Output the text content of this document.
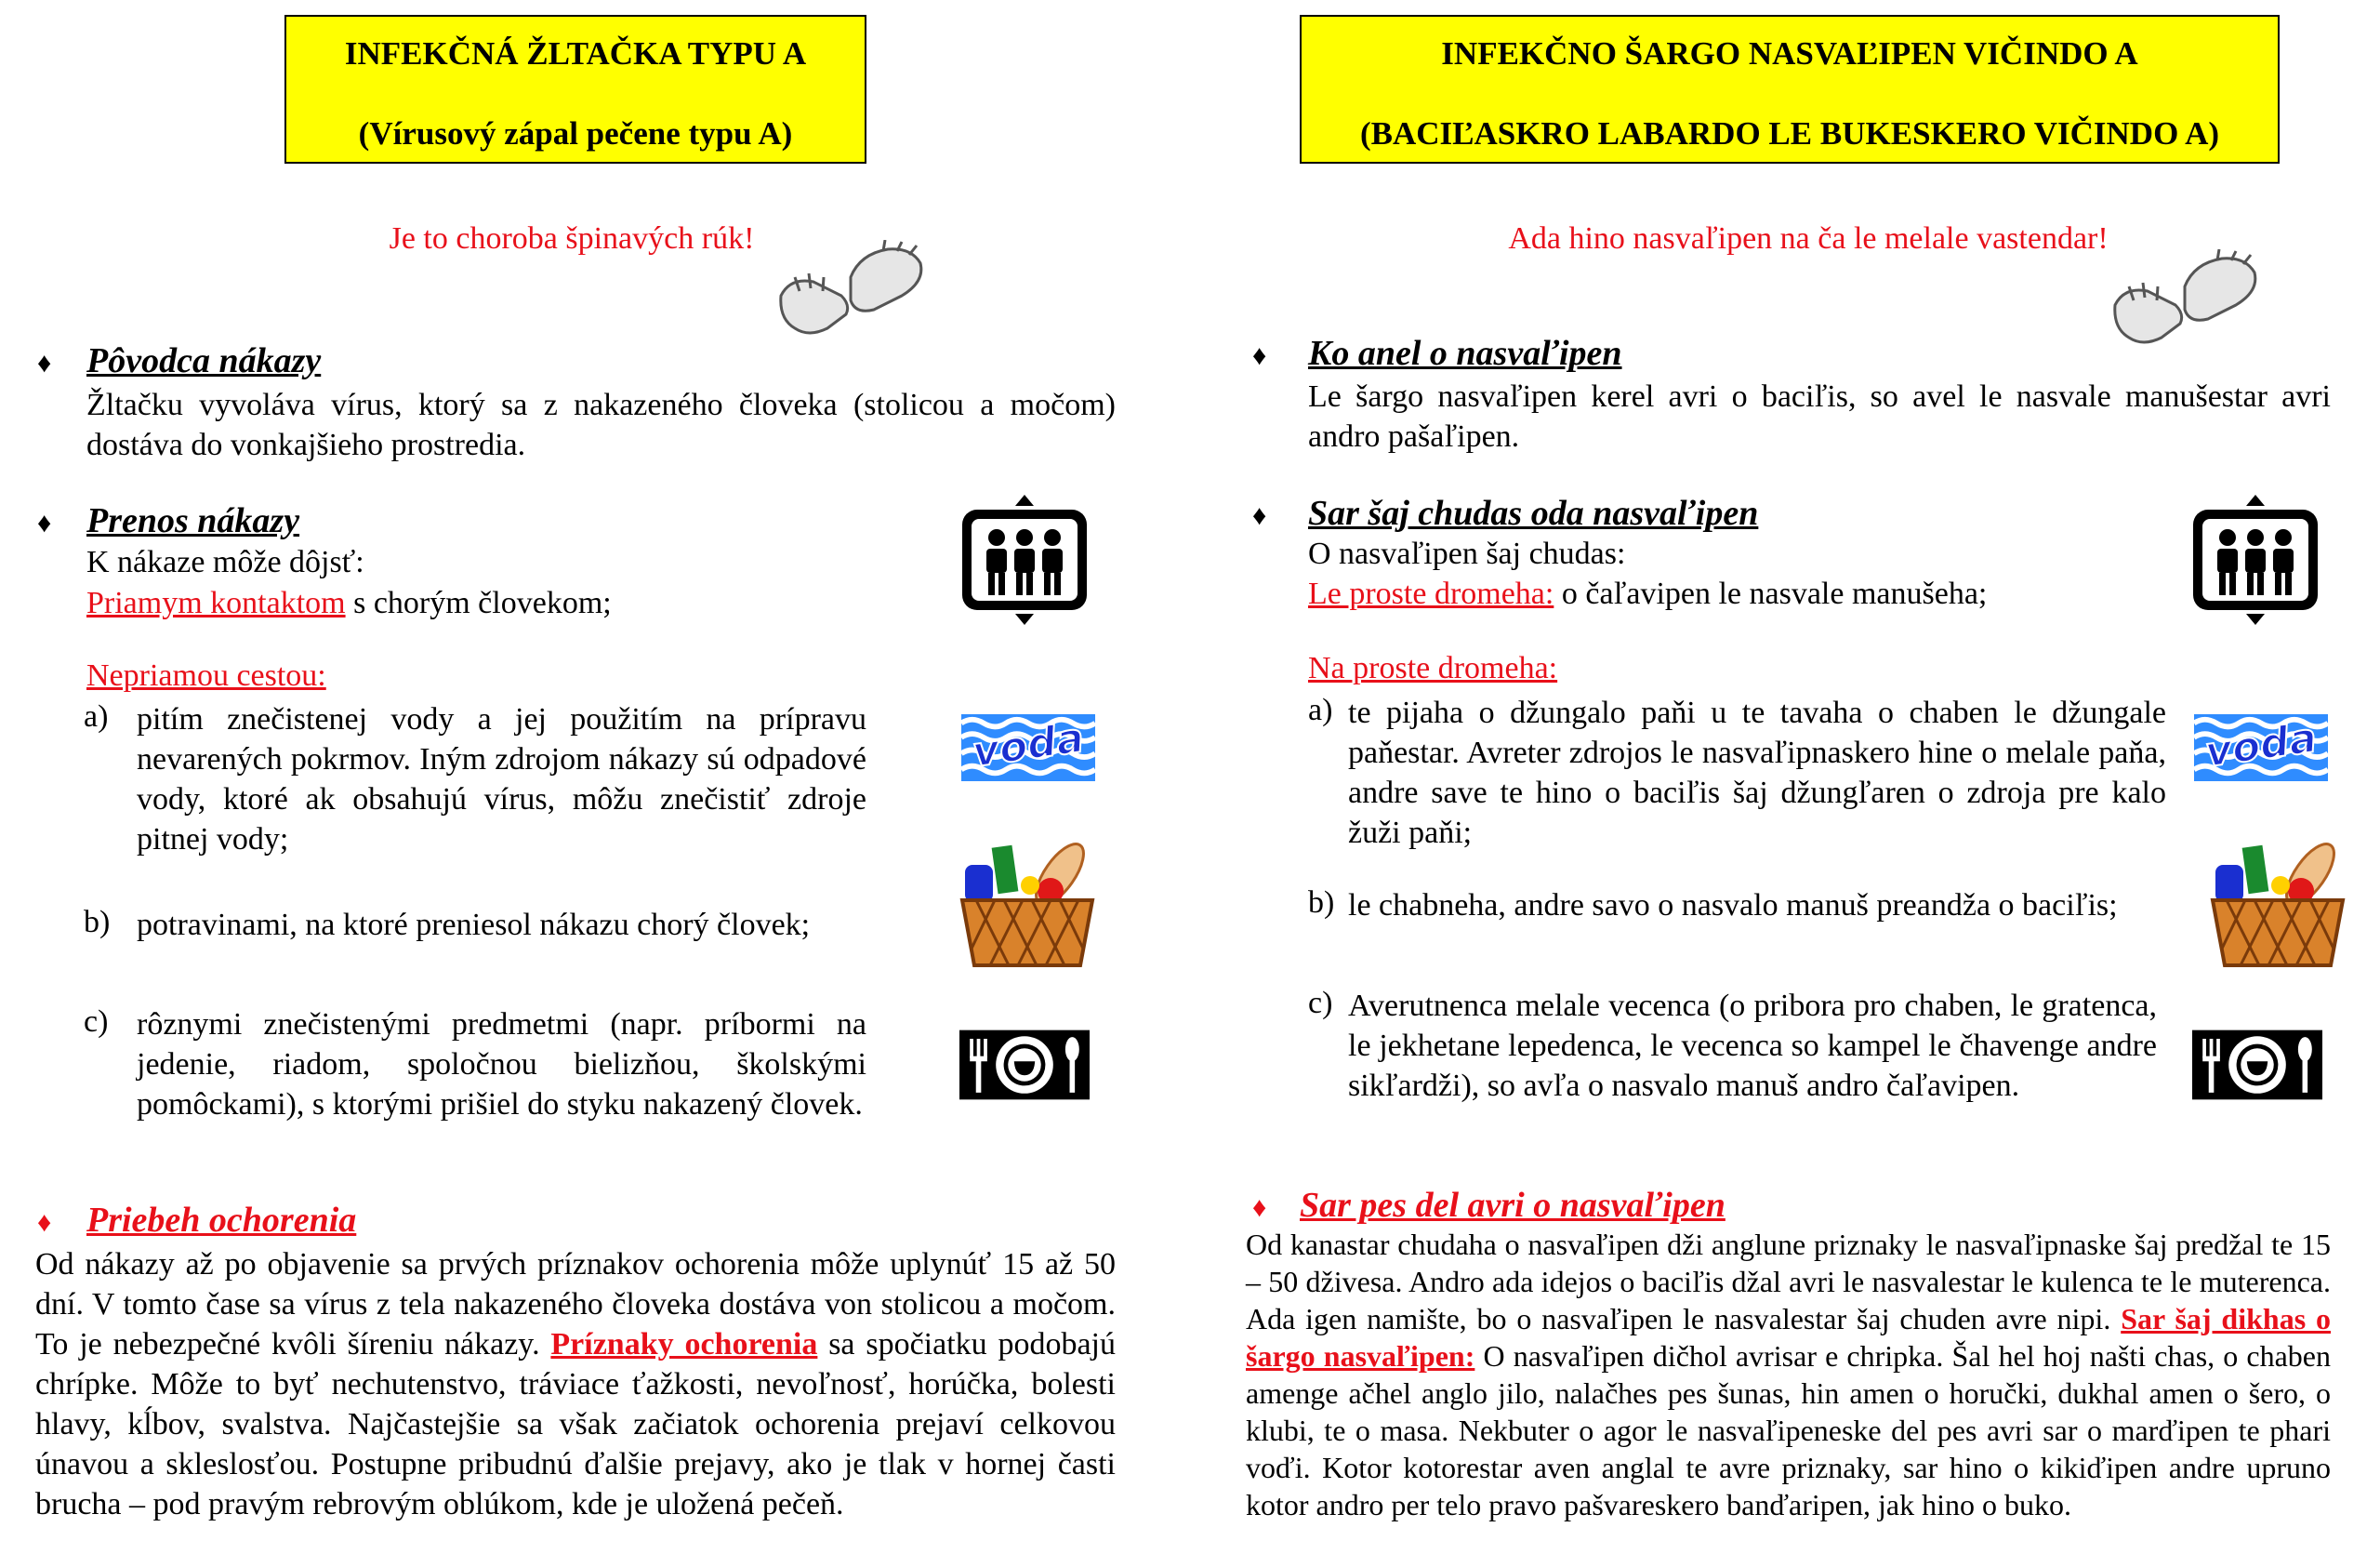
INFEKČNÁ ŽLTAČKA TYPU A
(Vírusový zápal pečene typu A)
Je to choroba špinavých rúk!
♦ Pôvodca nákazy
Žltačku vyvoláva vírus, ktorý sa z nakazeného človeka (stolicou a močom) dostáva do vonkajšieho prostredia.
♦ Prenos nákazy
K nákaze môže dôjsť:
Priamym kontaktom s chorým človekom;
Nepriamou cestou:
a) pitím znečistenej vody a jej použitím na prípravu nevarených pokrmov. Iným zdrojom nákazy sú odpadové vody, ktoré ak obsahujú vírus, môžu znečistiť zdroje pitnej vody;
voda
b) potravinami, na ktoré preniesol nákazu chorý človek;
c) rôznymi znečistenými predmetmi (napr. príbormi na jedenie, riadom, spoločnou bielizňou, školskými pomôckami), s ktorými prišiel do styku nakazený človek.
♦ Priebeh ochorenia
Od nákazy až po objavenie sa prvých príznakov ochorenia môže uplynúť 15 až 50 dní. V tomto čase sa vírus z tela nakazeného človeka dostáva von stolicou a močom. To je nebezpečné kvôli šíreniu nákazy. Príznaky ochorenia sa spočiatku podobajú chrípke. Môže to byť nechutenstvo, tráviace ťažkosti, nevoľnosť, horúčka, bolesti hlavy, kĺbov, svalstva. Najčastejšie sa však začiatok ochorenia prejaví celkovou únavou a skleslosťou. Postupne pribudnú ďalšie prejavy, ako je tlak v hornej časti brucha – pod pravým rebrovým oblúkom, kde je uložená pečeň.
INFEKČNO ŠARGO NASVAĽIPEN VIČINDO A
(BACIĽASKRO LABARDO LE BUKESKERO VIČINDO A)
Ada hino nasvaľipen na ča le melale vastendar!
♦ Ko anel o nasvaľipen
Le šargo nasvaľipen kerel avri o baciľis, so avel le nasvale manušestar avri andro pašaľipen.
♦ Sar šaj chudas oda nasvaľipen
O nasvaľipen šaj chudas:
Le proste dromeha: o čaľavipen le nasvale manušeha;
Na proste dromeha:
a) te pijaha o džungalo paňi u te tavaha o chaben le džungale paňestar. Avreter zdrojos le nasvaľipnaskero hine o melale paňa, andre save te hino o baciľis šaj džungľaren o zdroja pre kalo žuži paňi;
voda
b) le chabneha, andre savo o nasvalo manuš preandža o baciľis;
c) Averutnenca melale vecenca (o pribora pro chaben, le gratenca, le jekhetane lepedenca, le vecenca so kampel le čhavenge andre sikľardži), so avľa o nasvalo manuš andro čaľavipen.
♦ Sar pes del avri o nasvaľipen
Od kanastar chudaha o nasvaľipen dži anglune priznaky le nasvaľipnaske šaj predžal te 15 – 50 dživesa. Andro ada idejos o baciľis džal avri le nasvalestar le kulenca te le muterenca. Ada igen namište, bo o nasvaľipen le nasvalestar šaj chuden avre nipi. Sar šaj dikhas o šargo nasvaľipen: O nasvaľipen dičhol avrisar e chripka. Šal hel hoj našti chas, o chaben amenge ačhel anglo jilo, nalačhes pes šunas, hin amen o horučki, dukhal amen o šero, o klubi, te o masa. Nekbuter o agor le nasvaľipeneske del pes avri sar o marďipen te phari voďi. Kotor kotorestar aven anglal te avre priznaky, sar hino o kikiďipen andre upruno kotor andro per telo pravo pašvareskero banďaripen, jak hino o buko.
